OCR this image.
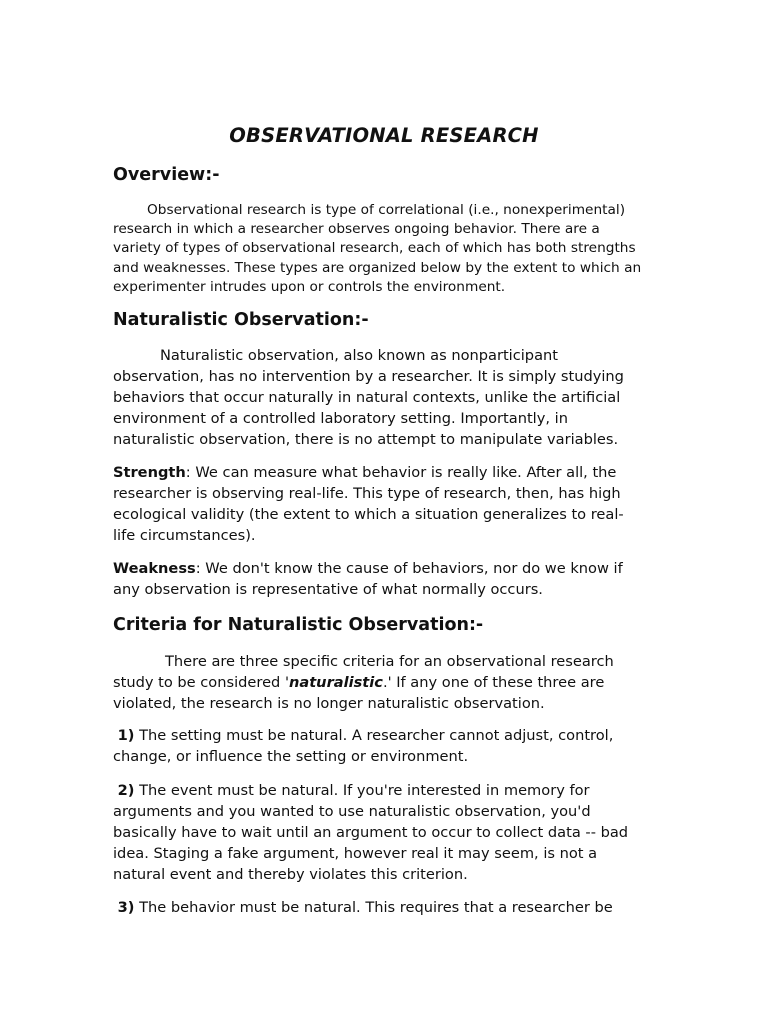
OBSERVATIONAL RESEARCH
Overview:-
Observational research is type of correlational (i.e., nonexperimental)
research in which a researcher observes ongoing behavior. There are a
variety of types of observational research, each of which has both strengths
and weaknesses. These types are organized below by the extent to which an
experimenter intrudes upon or controls the environment.
Naturalistic Observation:-
Naturalistic observation, also known as nonparticipant
observation, has no intervention by a researcher. It is simply studying
behaviors that occur naturally in natural contexts, unlike the artificial
environment of a controlled laboratory setting. Importantly, in
naturalistic observation, there is no attempt to manipulate variables.
Strength: We can measure what behavior is really like. After all, the
researcher is observing real-life. This type of research, then, has high
ecological validity (the extent to which a situation generalizes to real-
life circumstances).
Weakness: We don't know the cause of behaviors, nor do we know if
any observation is representative of what normally occurs.
Criteria for Naturalistic Observation:-
There are three specific criteria for an observational research
study to be considered 'naturalistic.' If any one of these three are
violated, the research is no longer naturalistic observation.
1) The setting must be natural. A researcher cannot adjust, control,
change, or influence the setting or environment.
2) The event must be natural. If you're interested in memory for
arguments and you wanted to use naturalistic observation, you'd
basically have to wait until an argument to occur to collect data -- bad
idea. Staging a fake argument, however real it may seem, is not a
natural event and thereby violates this criterion.
3) The behavior must be natural. This requires that a researcher be
